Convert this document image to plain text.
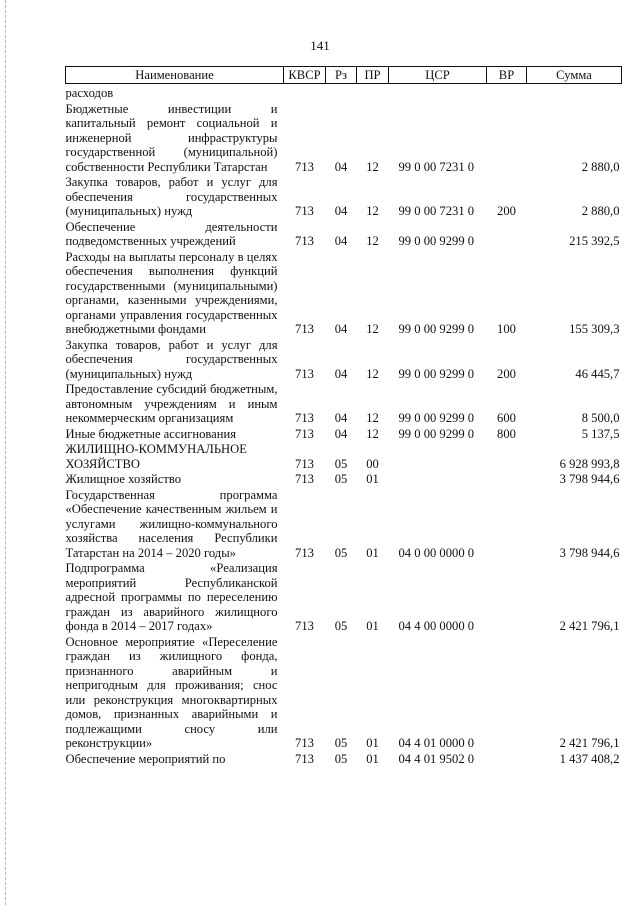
141
Наименование	КВСР	Рз	ПР	ЦСР	ВР	Сумма
расходов						
Бюджетные инвестиции и капитальный ремонт социальной и инженерной инфраструктуры государственной (муниципальной) собственности Республики Татарстан	713	04	12	99 0 00 7231 0		2 880,0
Закупка товаров, работ и услуг для обеспечения государственных (муниципальных) нужд	713	04	12	99 0 00 7231 0	200	2 880,0
Обеспечение деятельности подведомственных учреждений	713	04	12	99 0 00 9299 0		215 392,5
Расходы на выплаты персоналу в целях обеспечения выполнения функций государственными (муниципальными) органами, казенными учреждениями, органами управления государственных внебюджетными фондами	713	04	12	99 0 00 9299 0	100	155 309,3
Закупка товаров, работ и услуг для обеспечения государственных (муниципальных) нужд	713	04	12	99 0 00 9299 0	200	46 445,7
Предоставление субсидий бюджетным, автономным учреждениям и иным некоммерческим организациям	713	04	12	99 0 00 9299 0	600	8 500,0
Иные бюджетные ассигнования	713	04	12	99 0 00 9299 0	800	5 137,5
ЖИЛИЩНО-КОММУНАЛЬНОЕ ХОЗЯЙСТВО	713	05	00			6 928 993,8
Жилищное хозяйство	713	05	01			3 798 944,6
Государственная программа «Обеспечение качественным жильем и услугами жилищно-коммунального хозяйства населения Республики Татарстан на 2014 – 2020 годы»	713	05	01	04 0 00 0000 0		3 798 944,6
Подпрограмма «Реализация мероприятий Республиканской адресной программы по переселению граждан из аварийного жилищного фонда в 2014 – 2017 годах»	713	05	01	04 4 00 0000 0		2 421 796,1
Основное мероприятие «Переселение граждан из жилищного фонда, признанного аварийным и непригодным для проживания; снос или реконструкция многоквартирных домов, признанных аварийными и подлежащими сносу или реконструкции»	713	05	01	04 4 01 0000 0		2 421 796,1
Обеспечение мероприятий по	713	05	01	04 4 01 9502 0		1 437 408,2
